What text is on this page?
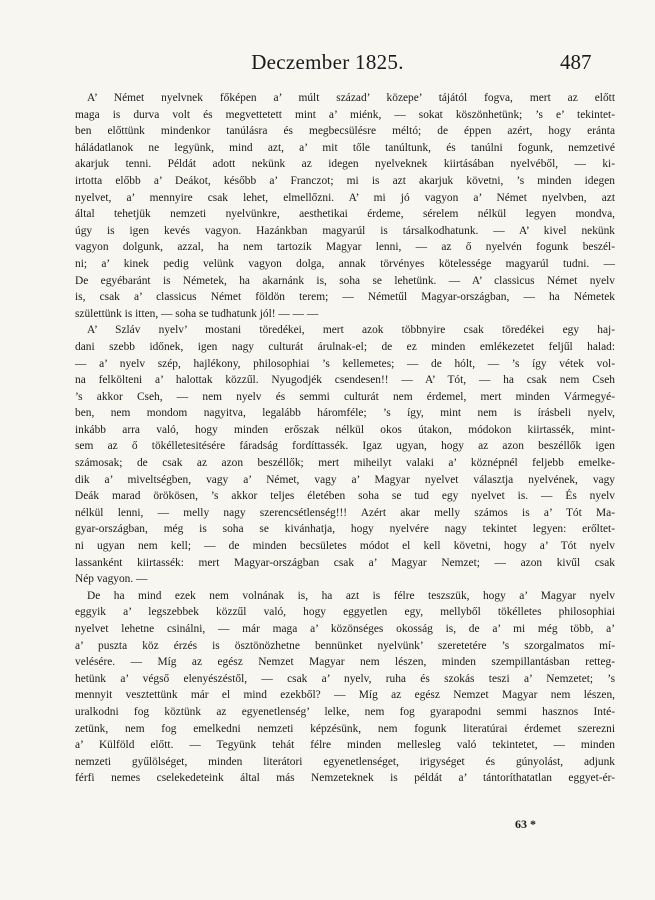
Deczember 1825.	487
A’ Német nyelvnek főképen a’ múlt század’ közepe’ tájától fogva, mert az előtt
maga is durva volt és megvettetett mint a’ miénk, — sokat köszönhetünk; ’s e’ tekintet-
ben előttünk mindenkor tanúlásra és megbecsülésre méltó; de éppen azért, hogy eránta
háládatlanok ne legyünk, mind azt, a’ mit tőle tanúltunk, és tanúlni fogunk, nemzetivé
akarjuk tenni. Példát adott nekünk az idegen nyelveknek kiirtásában nyelvéből, — ki-
irtotta előbb a’ Deákot, később a’ Franczot; mi is azt akarjuk követni, ’s minden idegen
nyelvet, a’ mennyire csak lehet, elmellőzni. A’ mi jó vagyon a’ Német nyelvben, azt
által tehetjük nemzeti nyelvünkre, aesthetikai érdeme, sérelem nélkül legyen mondva,
úgy is igen kevés vagyon. Hazánkban magyarúl is társalkodhatunk. — A’ kivel nekünk
vagyon dolgunk, azzal, ha nem tartozik Magyar lenni, — az ő nyelvén fogunk beszél-
ni; a’ kinek pedig velünk vagyon dolga, annak törvényes kötelessége magyarúl tudni. —
De egyébaránt is Németek, ha akarnánk is, soha se lehetünk. — A’ classicus Német nyelv
is, csak a’ classicus Német földön terem; — Németűl Magyar-országban, — ha Németek
születtünk is itten, — soha se tudhatunk jól! — — —
A’ Szláv nyelv’ mostani töredékei, mert azok többnyire csak töredékei egy haj-
dani szebb időnek, igen nagy culturát árulnak-el; de ez minden emlékezetet feljűl halad:
— a’ nyelv szép, hajlékony, philosophiai ’s kellemetes; — de hólt, — ’s így vétek vol-
na felkölteni a’ halottak közzűl. Nyugodjék csendesen!! — A’ Tót, — ha csak nem Cseh
’s akkor Cseh, — nem nyelv és semmi culturát nem érdemel, mert minden Vármegyé-
ben, nem mondom nagyitva, legalább háromféle; ’s így, mint nem is írásbeli nyelv,
inkább arra való, hogy minden erőszak nélkül okos útakon, módokon kiirtassék, mint-
sem az ő tökélletesitésére fáradság fordíttassék. Igaz ugyan, hogy az azon beszéllők igen
számosak; de csak az azon beszéllők; mert miheilyt valaki a’ köznépnél feljebb emelke-
dik a’ miveltségben, vagy a’ Német, vagy a’ Magyar nyelvet választja nyelvének, vagy
Deák marad örökösen, ’s akkor teljes életében soha se tud egy nyelvet is. — És nyelv
nélkül lenni, — melly nagy szerencsétlenség!!! Azért akar melly számos is a’ Tót Ma-
gyar-országban, még is soha se kivánhatja, hogy nyelvére nagy tekintet legyen: erőltet-
ni ugyan nem kell; — de minden becsületes módot el kell követni, hogy a’ Tót nyelv
lassanként kiirtassék: mert Magyar-országban csak a’ Magyar Nemzet; — azon kivűl csak
Nép vagyon. —
De ha mind ezek nem volnának is, ha azt is félre teszszük, hogy a’ Magyar nyelv
eggyik a’ legszebbek közzűl való, hogy eggyetlen egy, mellyből tökélletes philosophiai
nyelvet lehetne csinálni, — már maga a’ közönséges okosság is, de a’ mi még több, a’
a’ puszta köz érzés is ösztönözhetne bennünket nyelvünk’ szeretetére ’s szorgalmatos mí-
velésére. — Míg az egész Nemzet Magyar nem lészen, minden szempillantásban retteg-
hetünk a’ végső elenyészéstől, — csak a’ nyelv, ruha és szokás teszi a’ Nemzetet; ’s
mennyit vesztettünk már el mind ezekből? — Míg az egész Nemzet Magyar nem lészen,
uralkodni fog köztünk az egyenetlenség’ lelke, nem fog gyarapodni semmi hasznos Inté-
zetünk, nem fog emelkedni nemzeti képzésünk, nem fogunk literatúrai érdemet szerezni
a’ Külföld előtt. — Tegyünk tehát félre minden mellesleg való tekintetet, — minden
nemzeti gyűlölséget, minden literátori egyenetlenséget, irigységet és gúnyolást, adjunk
férfi nemes cselekedeteink által más Nemzeteknek is példát a’ tántoríthatatlan eggyet-ér-
63 *
